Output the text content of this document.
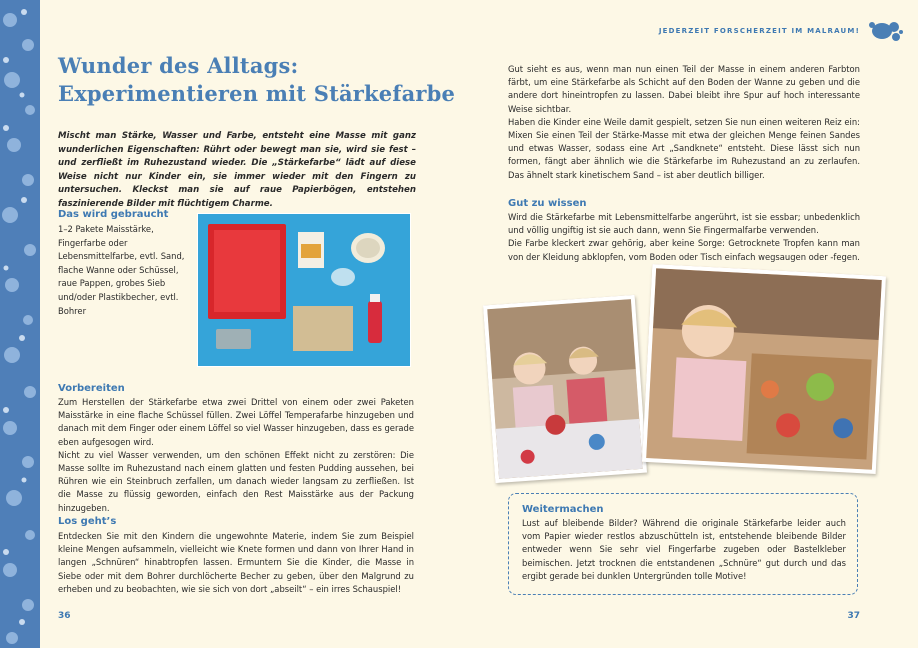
Wunder des Alltags:
Experimentieren mit Stärkefarbe
Mischt man Stärke, Wasser und Farbe, entsteht eine Masse mit ganz wunderlichen Eigenschaften: Rührt oder bewegt man sie, wird sie fest – und zerfließt im Ruhezustand wieder. Die „Stärkefarbe“ lädt auf diese Weise nicht nur Kinder ein, sie immer wieder mit den Fingern zu untersuchen. Kleckst man sie auf raue Papierbögen, entstehen faszinierende Bilder mit flüchtigem Charme.
Das wird gebraucht
1–2 Pakete Maisstärke, Fingerfarbe oder Lebensmittelfarbe, evtl. Sand, flache Wanne oder Schüssel, raue Pappen, grobes Sieb und/oder Plastikbecher, evtl. Bohrer
Vorbereiten
Zum Herstellen der Stärkefarbe etwa zwei Drittel von einem oder zwei Paketen Maisstärke in eine flache Schüssel füllen. Zwei Löffel Temperafarbe hinzugeben und danach mit dem Finger oder einem Löffel so viel Wasser hinzugeben, dass es gerade eben aufgesogen wird.
Nicht zu viel Wasser verwenden, um den schönen Effekt nicht zu zerstören: Die Masse sollte im Ruhezustand nach einem glatten und festen Pudding aussehen, bei Rühren wie ein Steinbruch zerfallen, um danach wieder langsam zu zerfließen. Ist die Masse zu flüssig geworden, einfach den Rest Maisstärke aus der Packung hinzugeben.
Los geht’s
Entdecken Sie mit den Kindern die ungewohnte Materie, indem Sie zum Beispiel kleine Mengen aufsammeln, vielleicht wie Knete formen und dann von Ihrer Hand in langen „Schnüren“ hinabtropfen lassen. Ermuntern Sie die Kinder, die Masse in Siebe oder mit dem Bohrer durchlöcherte Becher zu geben, über den Malgrund zu erheben und zu beobachten, wie sie sich von dort „abseilt“ – ein irres Schauspiel!
36
JEDERZEIT FORSCHERZEIT IM MALRAUM!
Gut sieht es aus, wenn man nun einen Teil der Masse in einem anderen Farbton färbt, um eine Stärkefarbe als Schicht auf den Boden der Wanne zu geben und die andere dort hineintropfen zu lassen. Dabei bleibt ihre Spur auf hoch interessante Weise sichtbar.
Haben die Kinder eine Weile damit gespielt, setzen Sie nun einen weiteren Reiz ein: Mixen Sie einen Teil der Stärke-Masse mit etwa der gleichen Menge feinen Sandes und etwas Wasser, sodass eine Art „Sandknete“ entsteht. Diese lässt sich nun formen, fängt aber ähnlich wie die Stärkefarbe im Ruhezustand an zu zerlaufen. Das ähnelt stark kinetischem Sand – ist aber deutlich billiger.
Gut zu wissen
Wird die Stärkefarbe mit Lebensmittelfarbe angerührt, ist sie essbar; unbedenklich und völlig ungiftig ist sie auch dann, wenn Sie Fingermalfarbe verwenden.
Die Farbe kleckert zwar gehörig, aber keine Sorge: Getrocknete Tropfen kann man von der Kleidung abklopfen, vom Boden oder Tisch einfach wegsaugen oder -fegen.
Weitermachen
Lust auf bleibende Bilder? Während die originale Stärkefarbe leider auch vom Papier wieder restlos abzuschütteln ist, entstehende bleibende Bilder entweder wenn Sie sehr viel Fingerfarbe zugeben oder Bastelkleber beimischen. Jetzt trocknen die entstandenen „Schnüre“ gut durch und das ergibt gerade bei dunklen Untergründen tolle Motive!
37
